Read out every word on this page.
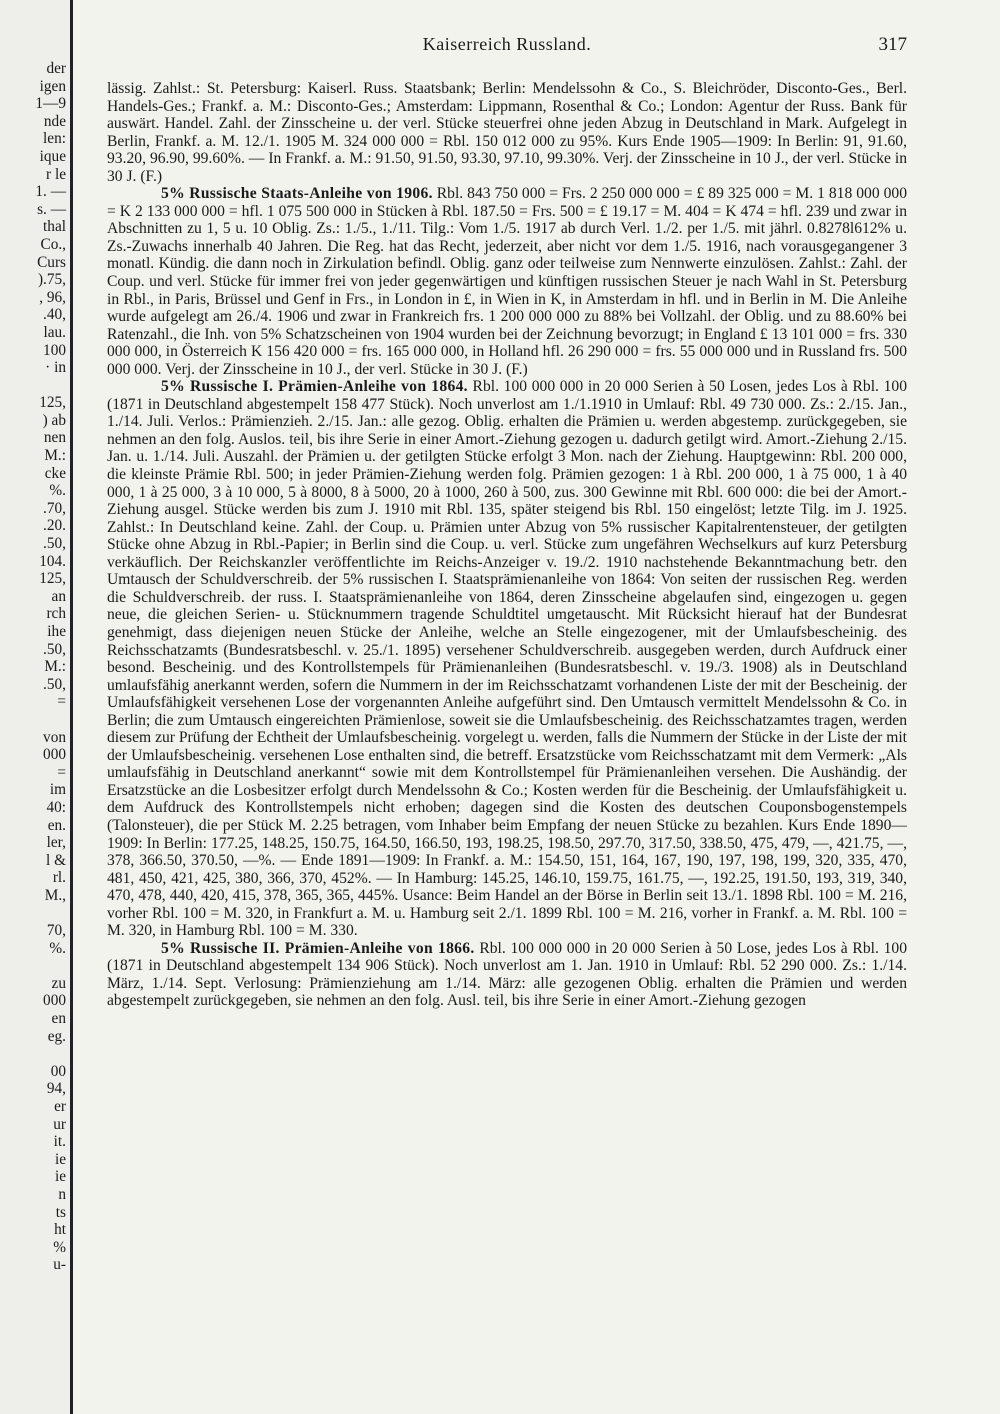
der
igen
1—9
nde
len:
ique
r le
1. —
s. —
thal
Co.,
Curs
).75,
, 96,
.40,
lau.
100
· in
125,
) ab
nen
M.:
cke
%.
.70,
.20.
.50,
104.
125,
an
rch
ihe
.50,
M.:
.50,
=
von
000
=
im
40:
en.
ler,
l &
rl.
M.,
70,
%.
zu
000
en
eg.
00
94,
er
ur
it.
ie
ie
n
ts
ht
%
u-
Kaiserreich Russland.	317

lässig. Zahlst.: St. Petersburg: Kaiserl. Russ. Staatsbank; Berlin: Mendelssohn & Co., S. Bleichröder, Disconto-Ges., Berl. Handels-Ges.; Frankf. a. M.: Disconto-Ges.; Amsterdam: Lippmann, Rosenthal & Co.; London: Agentur der Russ. Bank für auswärt. Handel. Zahl. der Zinsscheine u. der verl. Stücke steuerfrei ohne jeden Abzug in Deutschland in Mark. Aufgelegt in Berlin, Frankf. a. M. 12./1. 1905 M. 324 000 000 = Rbl. 150 012 000 zu 95%. Kurs Ende 1905—1909: In Berlin: 91, 91.60, 93.20, 96.90, 99.60%. — In Frankf. a. M.: 91.50, 91.50, 93.30, 97.10, 99.30%. Verj. der Zinsscheine in 10 J., der verl. Stücke in 30 J. (F.)

5% Russische Staats-Anleihe von 1906. Rbl. 843 750 000 = Frs. 2 250 000 000 = £ 89 325 000 = M. 1 818 000 000 = K 2 133 000 000 = hfl. 1 075 500 000 in Stücken à Rbl. 187.50 = Frs. 500 = £ 19.17 = M. 404 = K 474 = hfl. 239 und zwar in Abschnitten zu 1, 5 u. 10 Oblig. Zs.: 1./5., 1./11. Tilg.: Vom 1./5. 1917 ab durch Verl. 1./2. per 1./5. mit jährl. 0.8278l612% u. Zs.-Zuwachs innerhalb 40 Jahren. Die Reg. hat das Recht, jederzeit, aber nicht vor dem 1./5. 1916, nach vorausgegangener 3 monatl. Kündig. die dann noch in Zirkulation befindl. Oblig. ganz oder teilweise zum Nennwerte einzulösen. Zahlst.: Zahl. der Coup. und verl. Stücke für immer frei von jeder gegenwärtigen und künftigen russischen Steuer je nach Wahl in St. Petersburg in Rbl., in Paris, Brüssel und Genf in Frs., in London in £, in Wien in K, in Amsterdam in hfl. und in Berlin in M. Die Anleihe wurde aufgelegt am 26./4. 1906 und zwar in Frankreich frs. 1 200 000 000 zu 88% bei Vollzahl. der Oblig. und zu 88.60% bei Ratenzahl., die Inh. von 5% Schatzscheinen von 1904 wurden bei der Zeichnung bevorzugt; in England £ 13 101 000 = frs. 330 000 000, in Österreich K 156 420 000 = frs. 165 000 000, in Holland hfl. 26 290 000 = frs. 55 000 000 und in Russland frs. 500 000 000. Verj. der Zinsscheine in 10 J., der verl. Stücke in 30 J. (F.)

5% Russische I. Prämien-Anleihe von 1864. Rbl. 100 000 000 in 20 000 Serien à 50 Losen, jedes Los à Rbl. 100 (1871 in Deutschland abgestempelt 158 477 Stück). Noch unverlost am 1./1.1910 in Umlauf: Rbl. 49 730 000. Zs.: 2./15. Jan., 1./14. Juli. Verlos.: Prämienzieh. 2./15. Jan.: alle gezog. Oblig. erhalten die Prämien u. werden abgestemp. zurückgegeben, sie nehmen an den folg. Auslos. teil, bis ihre Serie in einer Amort.-Ziehung gezogen u. dadurch getilgt wird. Amort.-Ziehung 2./15. Jan. u. 1./14. Juli. Auszahl. der Prämien u. der getilgten Stücke erfolgt 3 Mon. nach der Ziehung. Hauptgewinn: Rbl. 200 000, die kleinste Prämie Rbl. 500; in jeder Prämien-Ziehung werden folg. Prämien gezogen: 1 à Rbl. 200 000, 1 à 75 000, 1 à 40 000, 1 à 25 000, 3 à 10 000, 5 à 8000, 8 à 5000, 20 à 1000, 260 à 500, zus. 300 Gewinne mit Rbl. 600 000: die bei der Amort.-Ziehung ausgel. Stücke werden bis zum J. 1910 mit Rbl. 135, später steigend bis Rbl. 150 eingelöst; letzte Tilg. im J. 1925. Zahlst.: In Deutschland keine. Zahl. der Coup. u. Prämien unter Abzug von 5% russischer Kapitalrentensteuer, der getilgten Stücke ohne Abzug in Rbl.-Papier; in Berlin sind die Coup. u. verl. Stücke zum ungefähren Wechselkurs auf kurz Petersburg verkäuflich. Der Reichskanzler veröffentlichte im Reichs-Anzeiger v. 19./2. 1910 nachstehende Bekanntmachung betr. den Umtausch der Schuldverschreib. der 5% russischen I. Staatsprämienanleihe von 1864: Von seiten der russischen Reg. werden die Schuldverschreib. der russ. I. Staatsprämienanleihe von 1864, deren Zinsscheine abgelaufen sind, eingezogen u. gegen neue, die gleichen Serien- u. Stücknummern tragende Schuldtitel umgetauscht. Mit Rücksicht hierauf hat der Bundesrat genehmigt, dass diejenigen neuen Stücke der Anleihe, welche an Stelle eingezogener, mit der Umlaufsbescheinig. des Reichsschatzamts (Bundesratsbeschl. v. 25./1. 1895) versehener Schuldverschreib. ausgegeben werden, durch Aufdruck einer besond. Bescheinig. und des Kontrollstempels für Prämienanleihen (Bundesratsbeschl. v. 19./3. 1908) als in Deutschland umlaufsfähig anerkannt werden, sofern die Nummern in der im Reichsschatzamt vorhandenen Liste der mit der Bescheinig. der Umlaufsfähigkeit versehenen Lose der vorgenannten Anleihe aufgeführt sind. Den Umtausch vermittelt Mendelssohn & Co. in Berlin; die zum Umtausch eingereichten Prämienlose, soweit sie die Umlaufsbescheinig. des Reichsschatzamtes tragen, werden diesem zur Prüfung der Echtheit der Umlaufsbescheinig. vorgelegt u. werden, falls die Nummern der Stücke in der Liste der mit der Umlaufsbescheinig. versehenen Lose enthalten sind, die betreff. Ersatzstücke vom Reichsschatzamt mit dem Vermerk: „Als umlaufsfähig in Deutschland anerkannt“ sowie mit dem Kontrollstempel für Prämienanleihen versehen. Die Aushändig. der Ersatzstücke an die Losbesitzer erfolgt durch Mendelssohn & Co.; Kosten werden für die Bescheinig. der Umlaufsfähigkeit u. dem Aufdruck des Kontrollstempels nicht erhoben; dagegen sind die Kosten des deutschen Couponsbogenstempels (Talonsteuer), die per Stück M. 2.25 betragen, vom Inhaber beim Empfang der neuen Stücke zu bezahlen. Kurs Ende 1890—1909: In Berlin: 177.25, 148.25, 150.75, 164.50, 166.50, 193, 198.25, 198.50, 297.70, 317.50, 338.50, 475, 479, —, 421.75, —, 378, 366.50, 370.50, —%. — Ende 1891—1909: In Frankf. a. M.: 154.50, 151, 164, 167, 190, 197, 198, 199, 320, 335, 470, 481, 450, 421, 425, 380, 366, 370, 452%. — In Hamburg: 145.25, 146.10, 159.75, 161.75, —, 192.25, 191.50, 193, 319, 340, 470, 478, 440, 420, 415, 378, 365, 365, 445%. Usance: Beim Handel an der Börse in Berlin seit 13./1. 1898 Rbl. 100 = M. 216, vorher Rbl. 100 = M. 320, in Frankfurt a. M. u. Hamburg seit 2./1. 1899 Rbl. 100 = M. 216, vorher in Frankf. a. M. Rbl. 100 = M. 320, in Hamburg Rbl. 100 = M. 330.

5% Russische II. Prämien-Anleihe von 1866. Rbl. 100 000 000 in 20 000 Serien à 50 Lose, jedes Los à Rbl. 100 (1871 in Deutschland abgestempelt 134 906 Stück). Noch unverlost am 1. Jan. 1910 in Umlauf: Rbl. 52 290 000. Zs.: 1./14. März, 1./14. Sept. Verlosung: Prämienziehung am 1./14. März: alle gezogenen Oblig. erhalten die Prämien und werden abgestempelt zurückgegeben, sie nehmen an den folg. Ausl. teil, bis ihre Serie in einer Amort.-Ziehung gezogen
